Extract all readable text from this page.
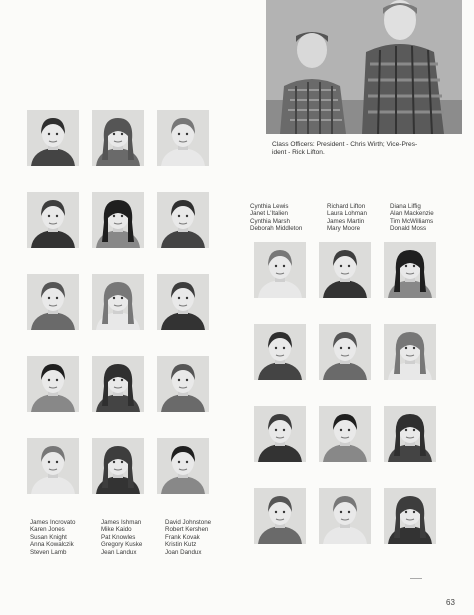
Class Officers: President - Chris Wirth; Vice-Pres-
ident - Rick Lifton.
James Incrovato
Karen Jones
Susan Knight
Anna Kowalczik
Steven Lamb
James Ishman
Mike Kaido
Pat Knowles
Gregory Kuske
Jean Landux
David Johnstone
Robert Kershen
Frank Kovak
Kristin Kutz
Joan Dandux
Cynthia Lewis
Janet L'Italien
Cynthia Marsh
Deborah Middleton
Richard Lifton
Laura Lohman
James Martin
Mary Moore
Diana Liffig
Alan Mackenzie
Tim McWilliams
Donald Moss
63
